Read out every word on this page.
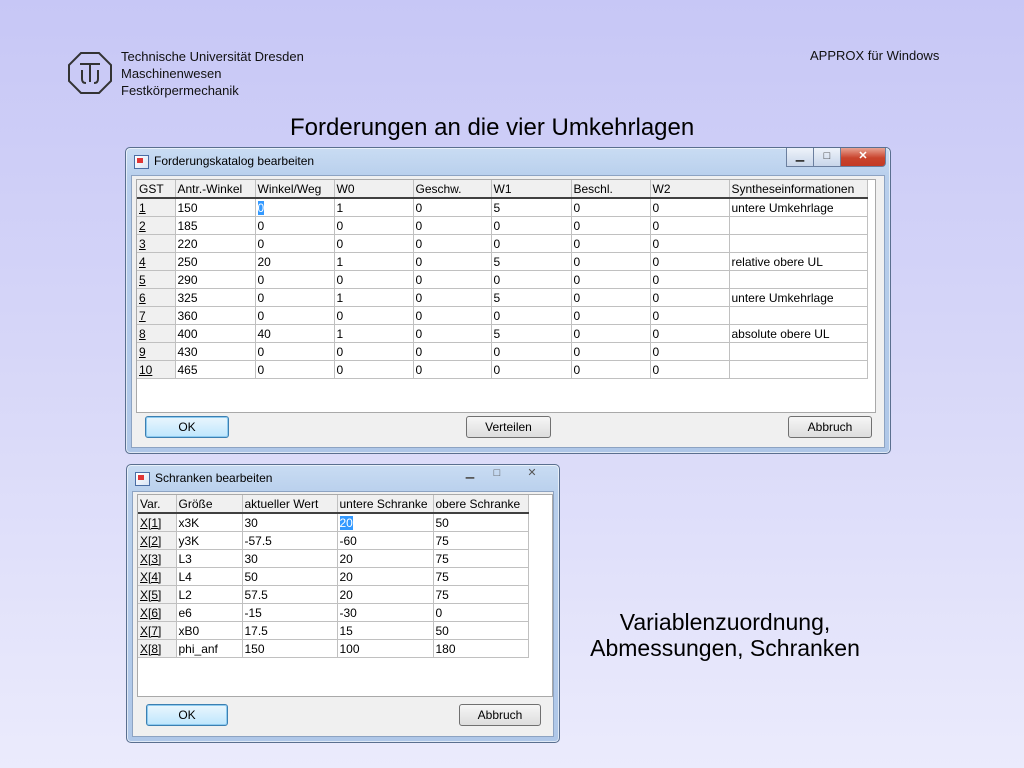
Technische Universität Dresden
Maschinenwesen
Festkörpermechanik
APPROX für Windows
Forderungen an die vier Umkehrlagen
Forderungskatalog bearbeiten	▁	□	✕
GST	Antr.-Winkel	Winkel/Weg	W0	Geschw.	W1	Beschl.	W2	Syntheseinformationen
1	150	0	1	0	5	0	0	untere Umkehrlage
2	185	0	0	0	0	0	0	
3	220	0	0	0	0	0	0	
4	250	20	1	0	5	0	0	relative obere UL
5	290	0	0	0	0	0	0	
6	325	0	1	0	5	0	0	untere Umkehrlage
7	360	0	0	0	0	0	0	
8	400	40	1	0	5	0	0	absolute obere UL
9	430	0	0	0	0	0	0	
10	465	0	0	0	0	0	0	
OK	Verteilen	Abbruch
Schranken bearbeiten	▁	□	✕
Var.	Größe	aktueller Wert	untere Schranke	obere Schranke
X[1]	x3K	30	20	50
X[2]	y3K	-57.5	-60	75
X[3]	L3	30	20	75
X[4]	L4	50	20	75
X[5]	L2	57.5	20	75
X[6]	e6	-15	-30	0
X[7]	xB0	17.5	15	50
X[8]	phi_anf	150	100	180
OK	Abbruch
Variablenzuordnung,
Abmessungen, Schranken
